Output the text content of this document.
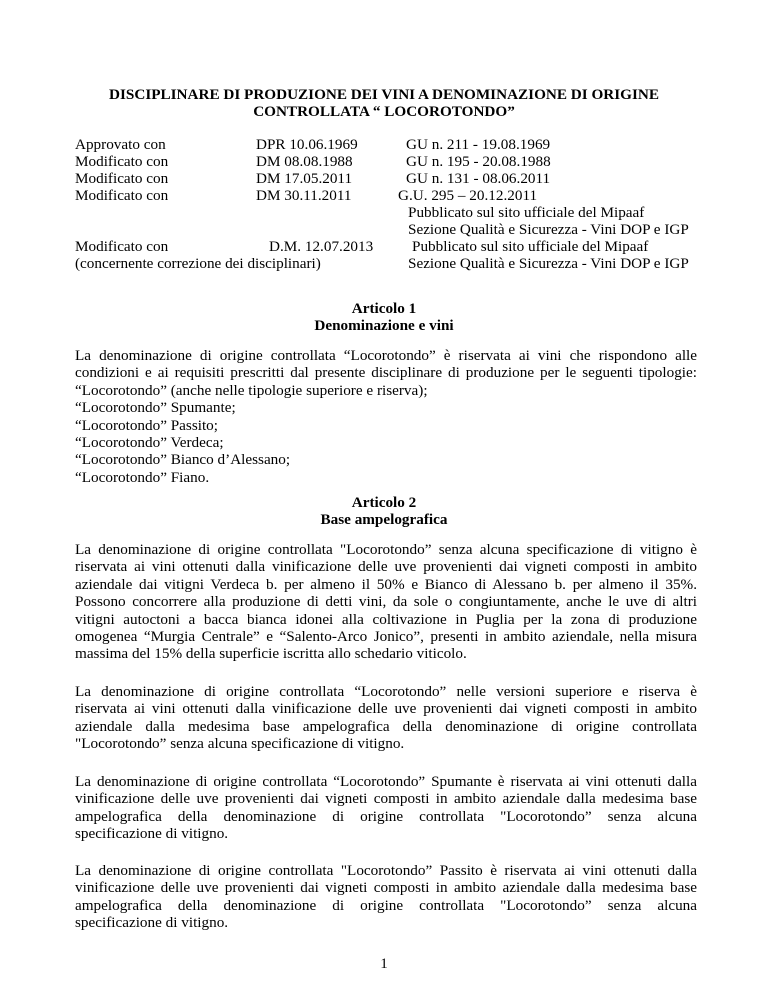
DISCIPLINARE DI PRODUZIONE DEI VINI A DENOMINAZIONE DI ORIGINE
CONTROLLATA “ LOCOROTONDO”
Approvato con
Modificato con
Modificato con
Modificato con
DPR 10.06.1969
DM 08.08.1988
DM 17.05.2011
DM 30.11.2011
GU n. 211 - 19.08.1969
GU n. 195 - 20.08.1988
GU n. 131 - 08.06.2011
G.U. 295 – 20.12.2011
Pubblicato sul sito ufficiale del Mipaaf
Sezione Qualità e Sicurezza - Vini DOP e IGP
Pubblicato sul sito ufficiale del Mipaaf
Sezione Qualità e Sicurezza - Vini DOP e IGP
Modificato con	D.M. 12.07.2013
(concernente correzione dei disciplinari)
Articolo 1
Denominazione e vini
La denominazione di origine controllata “Locorotondo” è riservata ai vini che rispondono alle
condizioni e ai requisiti prescritti dal presente disciplinare di produzione per le seguenti tipologie:
“Locorotondo” (anche nelle tipologie superiore e riserva);
“Locorotondo” Spumante;
“Locorotondo” Passito;
“Locorotondo” Verdeca;
“Locorotondo” Bianco d’Alessano;
“Locorotondo” Fiano.
Articolo 2
Base ampelografica
La denominazione di origine controllata "Locorotondo” senza alcuna specificazione di vitigno è
riservata ai vini ottenuti dalla vinificazione delle uve provenienti dai vigneti composti in ambito
aziendale dai vitigni Verdeca b. per almeno il 50% e Bianco di Alessano b. per almeno il 35%.
Possono concorrere alla produzione di detti vini, da sole o congiuntamente, anche le uve di altri
vitigni autoctoni a bacca bianca idonei alla coltivazione in Puglia per la zona di produzione
omogenea “Murgia Centrale” e “Salento-Arco Jonico”, presenti in ambito aziendale, nella misura
massima del 15% della superficie iscritta allo schedario viticolo.
La denominazione di origine controllata “Locorotondo” nelle versioni superiore e riserva è
riservata ai vini ottenuti dalla vinificazione delle uve provenienti dai vigneti composti in ambito
aziendale dalla medesima base ampelografica della denominazione di origine controllata
"Locorotondo” senza alcuna specificazione di vitigno.
La denominazione di origine controllata “Locorotondo” Spumante è riservata ai vini ottenuti dalla
vinificazione delle uve provenienti dai vigneti composti in ambito aziendale dalla medesima base
ampelografica della denominazione di origine controllata "Locorotondo” senza alcuna
specificazione di vitigno.
La denominazione di origine controllata "Locorotondo” Passito è riservata ai vini ottenuti dalla
vinificazione delle uve provenienti dai vigneti composti in ambito aziendale dalla medesima base
ampelografica della denominazione di origine controllata "Locorotondo” senza alcuna
specificazione di vitigno.
1
